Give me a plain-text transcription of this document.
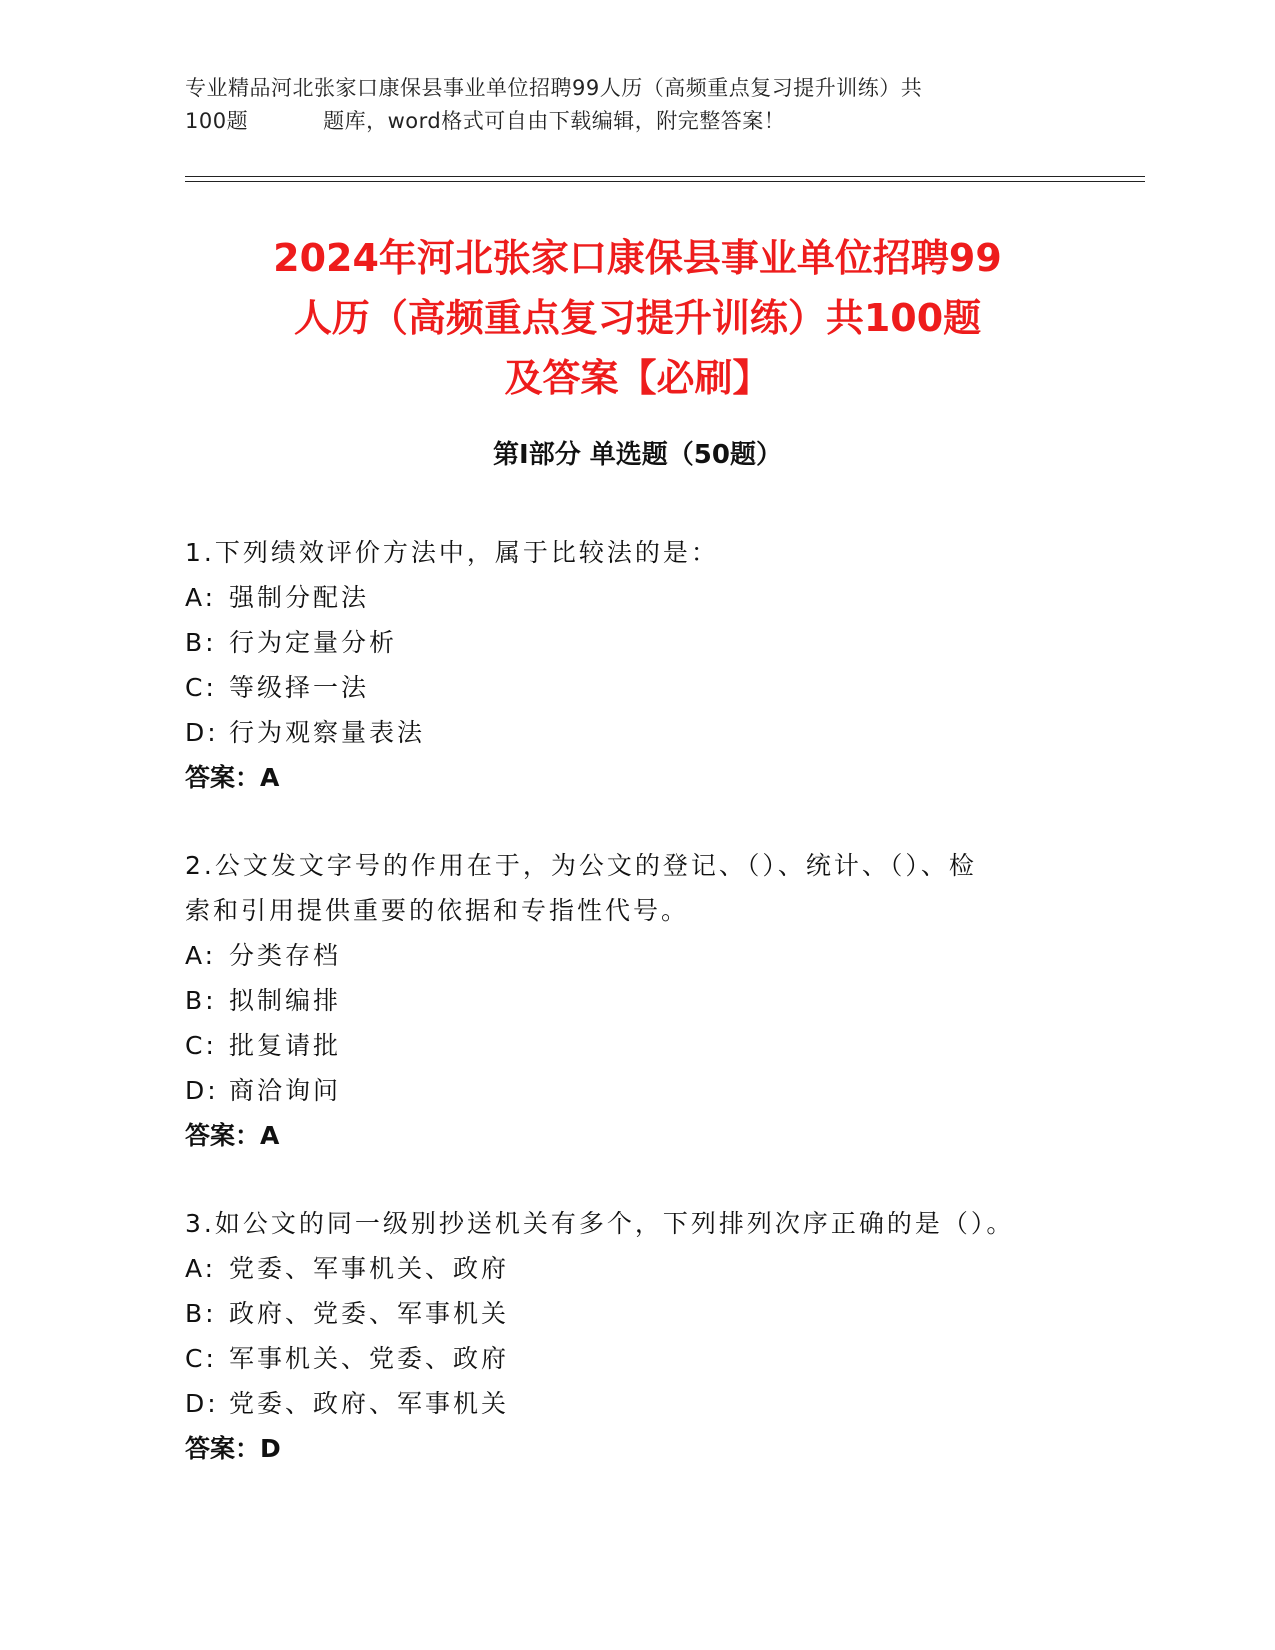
专业精品河北张家口康保县事业单位招聘99人历（高频重点复习提升训练）共
100题	题库，word格式可自由下载编辑，附完整答案！
2024年河北张家口康保县事业单位招聘99
人历（高频重点复习提升训练）共100题
及答案【必刷】
第Ⅰ部分 单选题（50题）

1.下列绩效评价方法中，属于比较法的是：

A: 强制分配法
B: 行为定量分析
C: 等级择一法
D: 行为观察量表法
答案：A

2.公文发文字号的作用在于，为公文的登记、（）、统计、（）、检

索和引用提供重要的依据和专指性代号。

A: 分类存档
B: 拟制编排
C: 批复请批
D: 商洽询问
答案：A

3.如公文的同一级别抄送机关有多个，下列排列次序正确的是（）。

A: 党委、军事机关、政府
B: 政府、党委、军事机关
C: 军事机关、党委、政府
D: 党委、政府、军事机关
答案：D
